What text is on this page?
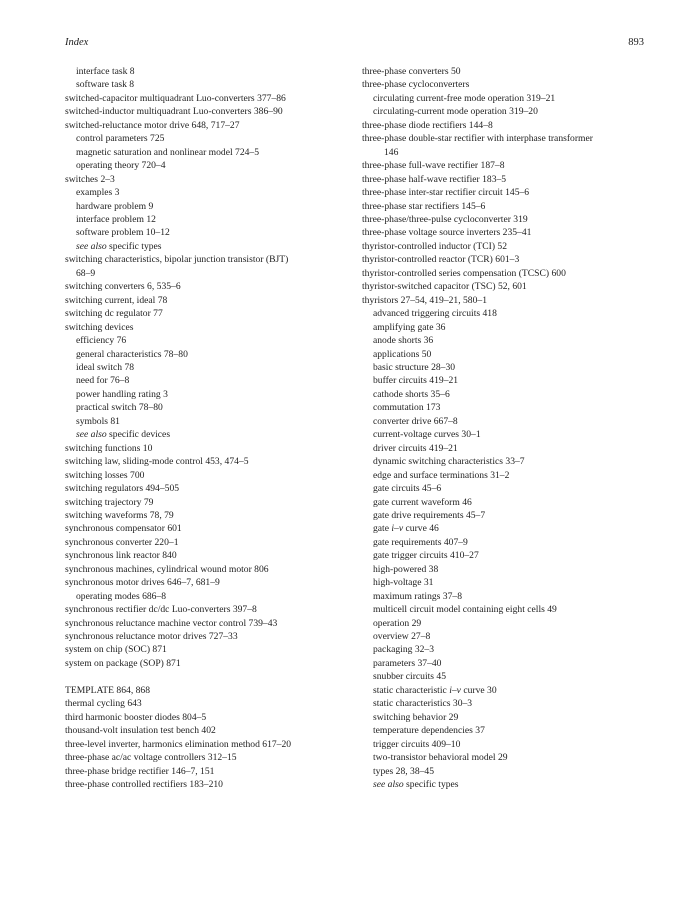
Index	893
interface task 8
software task 8
switched-capacitor multiquadrant Luo-converters 377–86
switched-inductor multiquadrant Luo-converters 386–90
switched-reluctance motor drive 648, 717–27
control parameters 725
magnetic saturation and nonlinear model 724–5
operating theory 720–4
switches 2–3
examples 3
hardware problem 9
interface problem 12
software problem 10–12
see also specific types
switching characteristics, bipolar junction transistor (BJT)
68–9
switching converters 6, 535–6
switching current, ideal 78
switching dc regulator 77
switching devices
efficiency 76
general characteristics 78–80
ideal switch 78
need for 76–8
power handling rating 3
practical switch 78–80
symbols 81
see also specific devices
switching functions 10
switching law, sliding-mode control 453, 474–5
switching losses 700
switching regulators 494–505
switching trajectory 79
switching waveforms 78, 79
synchronous compensator 601
synchronous converter 220–1
synchronous link reactor 840
synchronous machines, cylindrical wound motor 806
synchronous motor drives 646–7, 681–9
operating modes 686–8
synchronous rectifier dc/dc Luo-converters 397–8
synchronous reluctance machine vector control 739–43
synchronous reluctance motor drives 727–33
system on chip (SOC) 871
system on package (SOP) 871
TEMPLATE 864, 868
thermal cycling 643
third harmonic booster diodes 804–5
thousand-volt insulation test bench 402
three-level inverter, harmonics elimination method 617–20
three-phase ac/ac voltage controllers 312–15
three-phase bridge rectifier 146–7, 151
three-phase controlled rectifiers 183–210
three-phase converters 50
three-phase cycloconverters
circulating current-free mode operation 319–21
circulating-current mode operation 319–20
three-phase diode rectifiers 144–8
three-phase double-star rectifier with interphase transformer
146
three-phase full-wave rectifier 187–8
three-phase half-wave rectifier 183–5
three-phase inter-star rectifier circuit 145–6
three-phase star rectifiers 145–6
three-phase/three-pulse cycloconverter 319
three-phase voltage source inverters 235–41
thyristor-controlled inductor (TCI) 52
thyristor-controlled reactor (TCR) 601–3
thyristor-controlled series compensation (TCSC) 600
thyristor-switched capacitor (TSC) 52, 601
thyristors 27–54, 419–21, 580–1
advanced triggering circuits 418
amplifying gate 36
anode shorts 36
applications 50
basic structure 28–30
buffer circuits 419–21
cathode shorts 35–6
commutation 173
converter drive 667–8
current-voltage curves 30–1
driver circuits 419–21
dynamic switching characteristics 33–7
edge and surface terminations 31–2
gate circuits 45–6
gate current waveform 46
gate drive requirements 45–7
gate i–v curve 46
gate requirements 407–9
gate trigger circuits 410–27
high-powered 38
high-voltage 31
maximum ratings 37–8
multicell circuit model containing eight cells 49
operation 29
overview 27–8
packaging 32–3
parameters 37–40
snubber circuits 45
static characteristic i–v curve 30
static characteristics 30–3
switching behavior 29
temperature dependencies 37
trigger circuits 409–10
two-transistor behavioral model 29
types 28, 38–45
see also specific types
